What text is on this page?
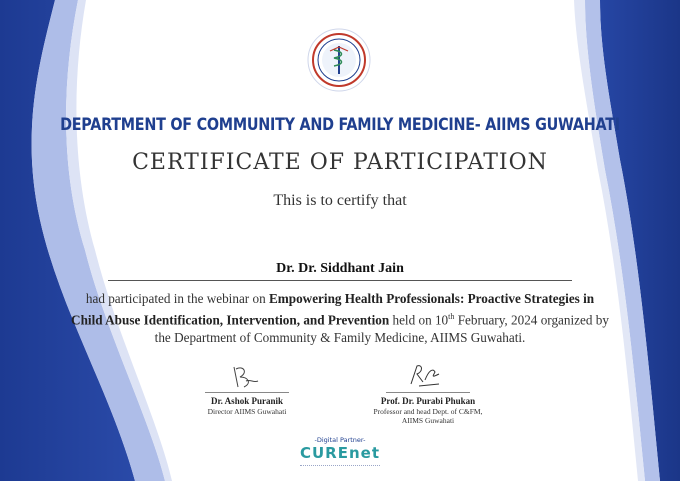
DEPARTMENT OF COMMUNITY AND FAMILY MEDICINE- AIIMS GUWAHATI
CERTIFICATE OF PARTICIPATION
This is to certify that
Dr. Dr. Siddhant Jain
had participated in the webinar on Empowering Health Professionals: Proactive Strategies in Child Abuse Identification, Intervention, and Prevention held on 10th February, 2024 organized by the Department of Community & Family Medicine, AIIMS Guwahati.
Dr. Ashok Puranik
Director AIIMS Guwahati
Prof. Dr. Purabi Phukan
Professor and head Dept. of C&FM,
AIIMS Guwahati
-Digital Partner-
CUREnet
